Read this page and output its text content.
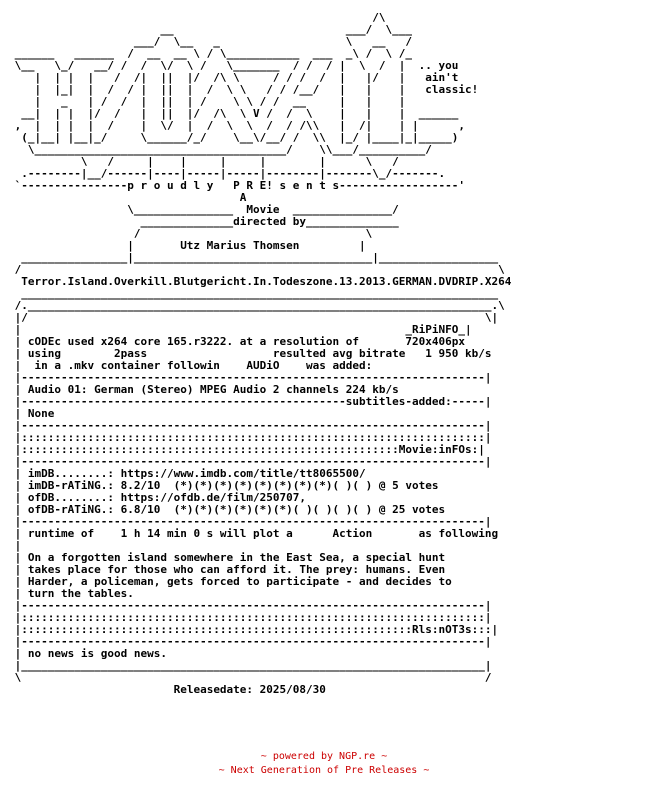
/\
__                          ___/  \___
___/  \__   _                   \   __   /
______   ______  /  __  __ \ / \___________  ___  _\ /  \ /_
\__   \_/   __/ /  /  \/  \ /   \_______  / /  / |  \  /  |  .. you
|  | |  |   /  /|  ||  |/  /\ \     / / /  /  |   |/   |   ain't
|  |_|  |  /  / |  ||  |  /  \ \   / / /__/   |   |    |   classic!
|   _   | /  /  |  ||  | /    \ \ / /  __     |   |    |
__|  | |  |/  /   |  ||  |/  /\  \ V /  /  \    |   |    |  ______
,  |  | |  |  /    |  \/  |  /  \  \  /  / /\\   |  /|    | |      ,
(_|__| |__|_/     \______/_/    \__\/__/ /  \\  |_/ |____|_|_____)
\______________________________________/    \\___/__________/
\   /     |    |     |     |        |      \   /
.--------|__/------|----|-----|-----|--------|-------\_/-------.
`----------------p r o u d l y   P R E! s e n t s------------------'
A
\_______________  Movie  _______________/
______________directed by______________
/                                  \
|	Utz Marius Thomsen	|
________________|____________________________________|__________________
/                                                                        \
Terror.Island.Overkill.Blutgericht.In.Todeszone.13.2013.GERMAN.DVDRIP.X264
________________________________________________________________________
/.______________________________________________________________________.\
|/                                                                     \|
|                                                          _RiPiNFO_|
| cODEc used x264 core 165.r3222. at a resolution of       720x406px
| using        2pass                   resulted avg bitrate   1 950 kb/s
|  in a .mkv container followin    AUDiO    was added:
|----------------------------------------------------------------------|
| Audio 01: German (Stereo) MPEG Audio 2 channels 224 kb/s
|-------------------------------------------------subtitles-added:-----|
| None
|----------------------------------------------------------------------|
|::::::::::::::::::::::::::::::::::::::::::::::::::::::::::::::::::::::|
|:::::::::::::::::::::::::::::::::::::::::::::::::::::::::Movie:inFOs:|
|----------------------------------------------------------------------|
| imDB........: https://www.imdb.com/title/tt8065500/
| imDB-rATiNG.: 8.2/10  (*)(*)(*)(*)(*)(*)(*)(*)( )( ) @ 5 votes
| ofDB........: https://ofdb.de/film/250707,
| ofDB-rATiNG.: 6.8/10  (*)(*)(*)(*)(*)(*)( )( )( )( ) @ 25 votes
|----------------------------------------------------------------------|
| runtime of    1 h 14 min 0 s will plot a      Action       as following
|
| On a forgotten island somewhere in the East Sea, a special hunt
| takes place for those who can afford it. The prey: humans. Even
| Harder, a policeman, gets forced to participate - and decides to
| turn the tables.
|----------------------------------------------------------------------|
|::::::::::::::::::::::::::::::::::::::::::::::::::::::::::::::::::::::|
|:::::::::::::::::::::::::::::::::::::::::::::::::::::::::::Rls:nOT3s:::|
|----------------------------------------------------------------------|
| no news is good news.
|______________________________________________________________________|
\                                                                      /
Releasedate: 2025/08/30

~ powered by NGP.re ~
~ Next Generation of Pre Releases ~
